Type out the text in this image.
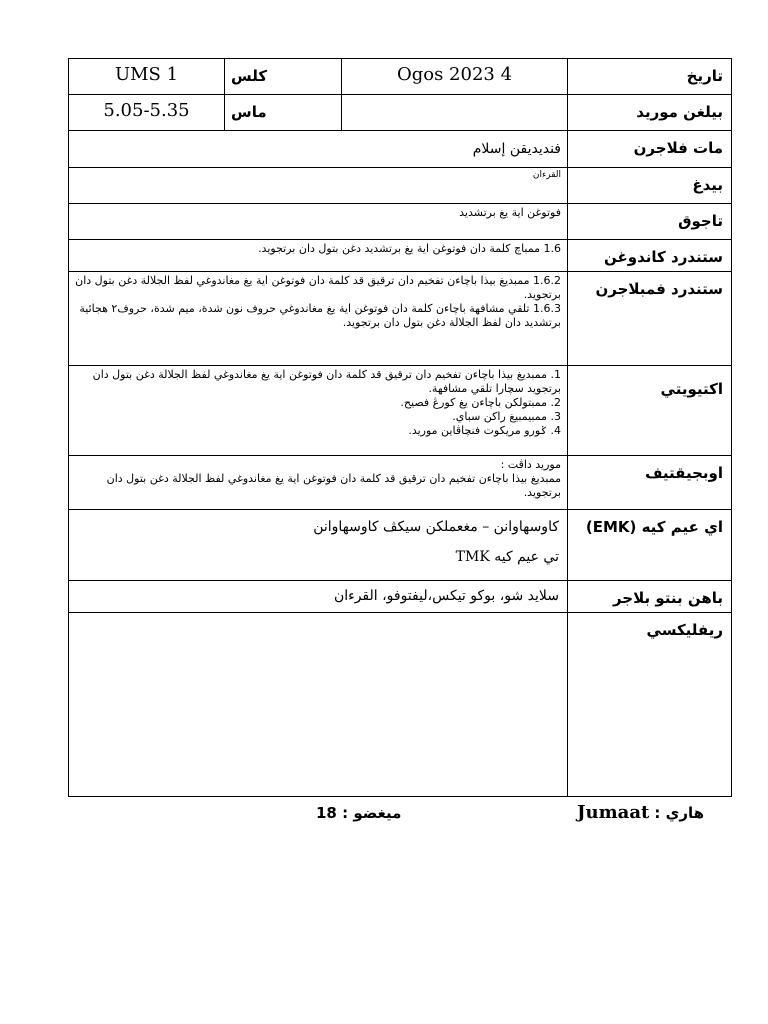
UMS 1	كلس	Ogos 2023 4	تاريخ
5.05-5.35	ماس		بيلغن موريد
فنديديقن إسلام			مات فلاجرن
القرءان			بيدغ
فوتوغن اية يغ برتشديد			تاجوق
1.6 ممباچ كلمة دان فوتوغن اية يغ برتشديد دغن بتول دان برتجويد.			ستندرد كاندوغن

1.6.2 ممبديغ بيذا باچاءن تفخيم دان ترقيق قد كلمة دان فوتوغن اية يغ مغاندوغي لفظ الجلالة دغن بتول دان برتجويد.
1.6.3 تلقي مشافهة باچاءن كلمة دان فوتوغن اية يغ مغاندوغي حروف نون شدة، ميم شدة، حروف٢ هجائية برتشديد دان لفظ الجلالة دغن بتول دان برتجويد.			ستندرد فمبلاجرن

1. ممبديغ بيذا باچاءن تفخيم دان ترقيق قد كلمة دان فوتوغن اية يغ مغاندوغي لفظ الجلالة دغن بتول دان برتجويد سچارا تلقي مشافهة.
2. ممبتولكن باچاءن يغ كورڠ فصيح.
3. ممبيمبيغ راكن سباي.
4. ݢورو مريكوت فنچاڤاين موريد.			اكتيويتي

موريد داڤت :
ممبديغ بيذا باچاءن تفخيم دان ترقيق قد كلمة دان فوتوغن اية يغ مغاندوغي لفظ الجلالة دغن بتول دان برتجويد.			اوبجيقتيف

كاوسهاوانن – مغعملكن سيكڤ كاوسهاوانن
تي عيم كيه TMK			اي عيم كيه (EMK)
سلايد شو، بوكو تيكس،ليفتوفو، القرءان			باهن بنتو بلاجر
			ريفليكسي
هاري :
Jumaat
18 ميغضو :
